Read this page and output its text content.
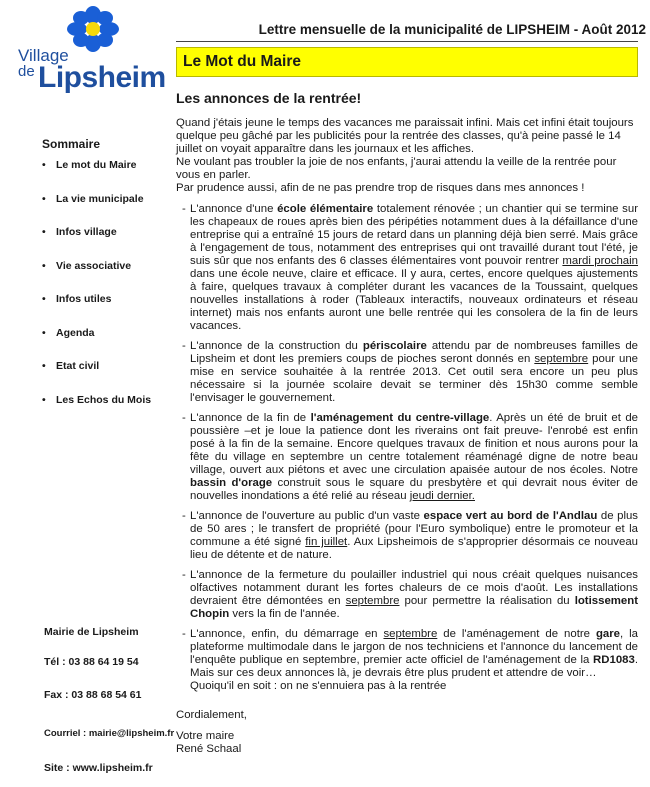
Village
de Lipsheim
Lettre mensuelle de la municipalité de LIPSHEIM - Août 2012
Le Mot du Maire
Sommaire
• Le mot du Maire
• La vie municipale
• Infos village
• Vie associative
• Infos utiles
• Agenda
• Etat civil
• Les Echos du Mois
Mairie de Lipsheim
Tél : 03 88 64 19 54
Fax : 03 88 68 54 61
Courriel : mairie@lipsheim.fr
Site : www.lipsheim.fr
Les annonces de la rentrée!

Quand j'étais jeune le temps des vacances me paraissait infini. Mais cet infini était toujours quelque peu gâché par les publicités pour la rentrée des classes, qu'à peine passé le 14 juillet on voyait apparaître dans les journaux et les affiches.

Ne voulant pas troubler la joie de nos enfants, j'aurai attendu la veille de la rentrée pour vous en parler.

Par prudence aussi, afin de ne pas prendre trop de risques dans mes annonces !

- L'annonce d'une école élémentaire totalement rénovée ; un chantier qui se termine sur les chapeaux de roues après bien des péripéties notamment dues à la défaillance d'une entreprise qui a entraîné 15 jours de retard dans un planning déjà bien serré. Mais grâce à l'engagement de tous, notamment des entreprises qui ont travaillé durant tout l'été, je suis sûr que nos enfants des 6 classes élémentaires vont pouvoir rentrer mardi prochain dans une école neuve, claire et efficace. Il y aura, certes, encore quelques ajustements à faire, quelques travaux à compléter durant les vacances de la Toussaint, quelques nouvelles installations à roder (Tableaux interactifs, nouveaux ordinateurs et réseau internet) mais nos enfants auront une belle rentrée qui les consolera de la fin de leurs vacances.
- L'annonce de la construction du périscolaire attendu par de nombreuses familles de Lipsheim et dont les premiers coups de pioches seront donnés en septembre pour une mise en service souhaitée à la rentrée 2013. Cet outil sera encore un peu plus nécessaire si la journée scolaire devait se terminer dès 15h30 comme semble l'envisager le gouvernement.
- L'annonce de la fin de l'aménagement du centre-village. Après un été de bruit et de poussière –et je loue la patience dont les riverains ont fait preuve- l'enrobé est enfin posé à la fin de la semaine. Encore quelques travaux de finition et nous aurons pour la fête du village en septembre un centre totalement réaménagé digne de notre beau village, ouvert aux piétons et avec une circulation apaisée autour de nos écoles. Notre bassin d'orage construit sous le square du presbytère et qui devrait nous éviter de nouvelles inondations a été relié au réseau jeudi dernier.
- L'annonce de l'ouverture au public d'un vaste espace vert au bord de l'Andlau de plus de 50 ares ; le transfert de propriété (pour l'Euro symbolique) entre le promoteur et la commune a été signé fin juillet. Aux Lipsheimois de s'approprier désormais ce nouveau lieu de détente et de nature.
- L'annonce de la fermeture du poulailler industriel qui nous créait quelques nuisances olfactives notamment durant les fortes chaleurs de ce mois d'août. Les installations devraient être démontées en septembre pour permettre la réalisation du lotissement Chopin vers la fin de l'année.
- L'annonce, enfin, du démarrage en septembre de l'aménagement de notre gare, la plateforme multimodale dans le jargon de nos techniciens et l'annonce du lancement de l'enquête publique en septembre, premier acte officiel de l'aménagement de la RD1083. Mais sur ces deux annonces là, je devrais être plus prudent et attendre de voir…

Quoiqu'il en soit : on ne s'ennuiera pas à la rentrée

Cordialement,

Votre maire

René Schaal
